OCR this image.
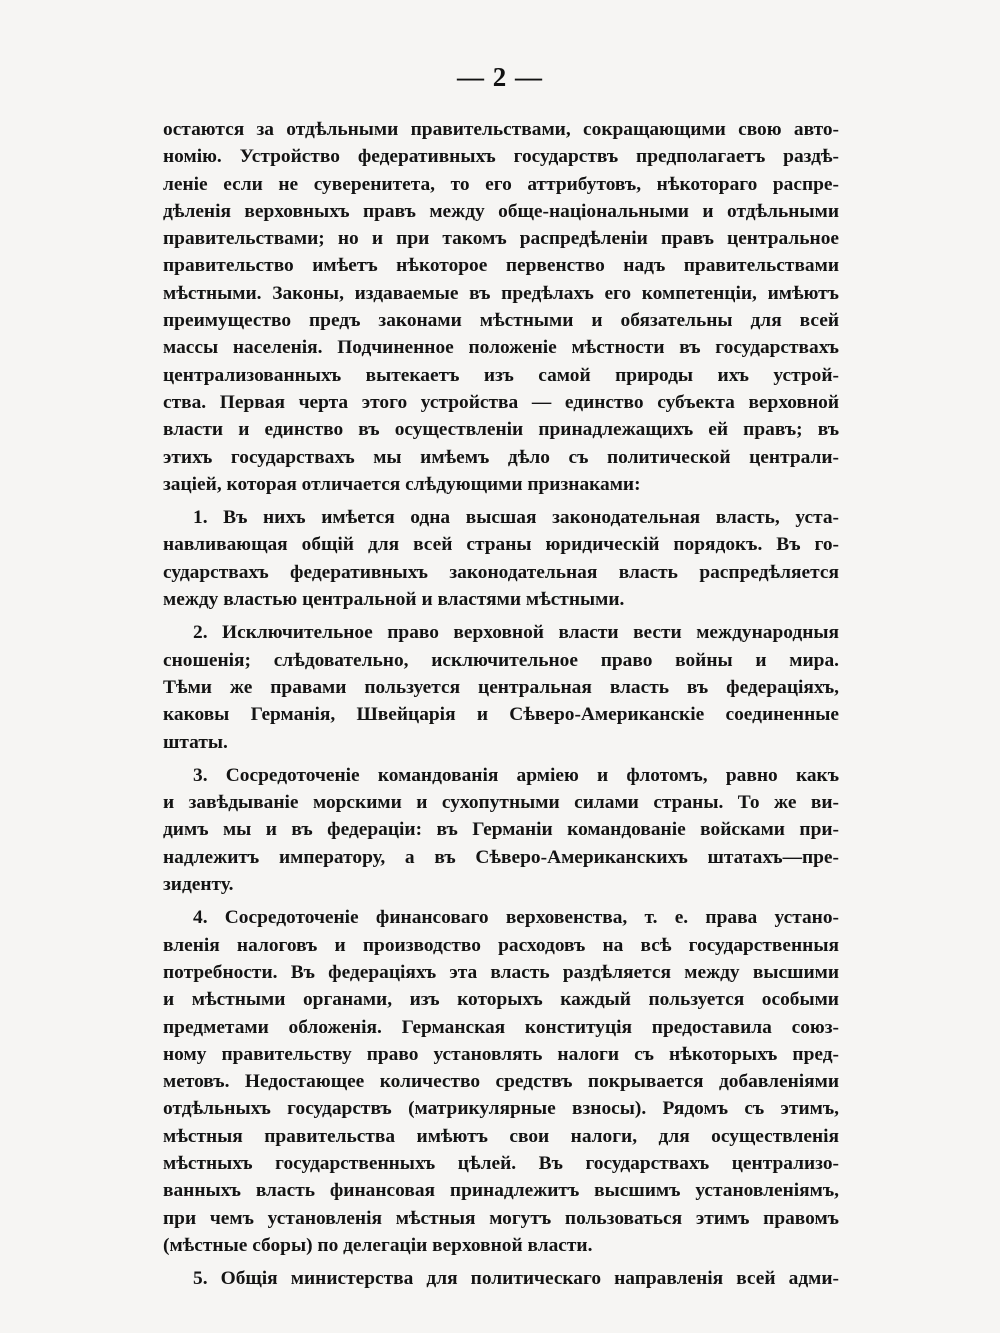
— 2 —
остаются за отдѣльными правительствами, сокращающими свою авто-
номію. Устройство федеративныхъ государствъ предполагаетъ раздѣ-
леніе если не суверенитета, то его аттрибутовъ, нѣкотораго распре-
дѣленія верховныхъ правъ между обще-національными и отдѣльными
правительствами; но и при такомъ распредѣленіи правъ центральное
правительство имѣетъ нѣкоторое первенство надъ правительствами
мѣстными. Законы, издаваемые въ предѣлахъ его компетенціи, имѣютъ
преимущество предъ законами мѣстными и обязательны для всей
массы населенія. Подчиненное положеніе мѣстности въ государствахъ
централизованныхъ вытекаетъ изъ самой природы ихъ устрой-
ства. Первая черта этого устройства — единство субъекта верховной
власти и единство въ осуществленіи принадлежащихъ ей правъ; въ
этихъ государствахъ мы имѣемъ дѣло съ политической централи-
заціей, которая отличается слѣдующими признаками:
1. Въ нихъ имѣется одна высшая законодательная власть, уста-
навливающая общій для всей страны юридическій порядокъ. Въ го-
сударствахъ федеративныхъ законодательная власть распредѣляется
между властью центральной и властями мѣстными.
2. Исключительное право верховной власти вести международныя
сношенія; слѣдовательно, исключительное право войны и мира.
Тѣми же правами пользуется центральная власть въ федераціяхъ,
каковы Германія, Швейцарія и Сѣверо-Американскіе соединенные
штаты.
3. Сосредоточеніе командованія арміею и флотомъ, равно какъ
и завѣдываніе морскими и сухопутными силами страны. То же ви-
димъ мы и въ федераціи: въ Германіи командованіе войсками при-
надлежитъ императору, а въ Сѣверо-Американскихъ штатахъ—пре-
зиденту.
4. Сосредоточеніе финансоваго верховенства, т. е. права устано-
вленія налоговъ и производство расходовъ на всѣ государственныя
потребности. Въ федераціяхъ эта власть раздѣляется между высшими
и мѣстными органами, изъ которыхъ каждый пользуется особыми
предметами обложенія. Германская конституція предоставила союз-
ному правительству право установлять налоги съ нѣкоторыхъ пред-
метовъ. Недостающее количество средствъ покрывается добавленіями
отдѣльныхъ государствъ (матрикулярные взносы). Рядомъ съ этимъ,
мѣстныя правительства имѣютъ свои налоги, для осуществленія
мѣстныхъ государственныхъ цѣлей. Въ государствахъ централизо-
ванныхъ власть финансовая принадлежитъ высшимъ установленіямъ,
при чемъ установленія мѣстныя могутъ пользоваться этимъ правомъ
(мѣстные сборы) по делегаціи верховной власти.
5. Общія министерства для политическаго направленія всей адми-
